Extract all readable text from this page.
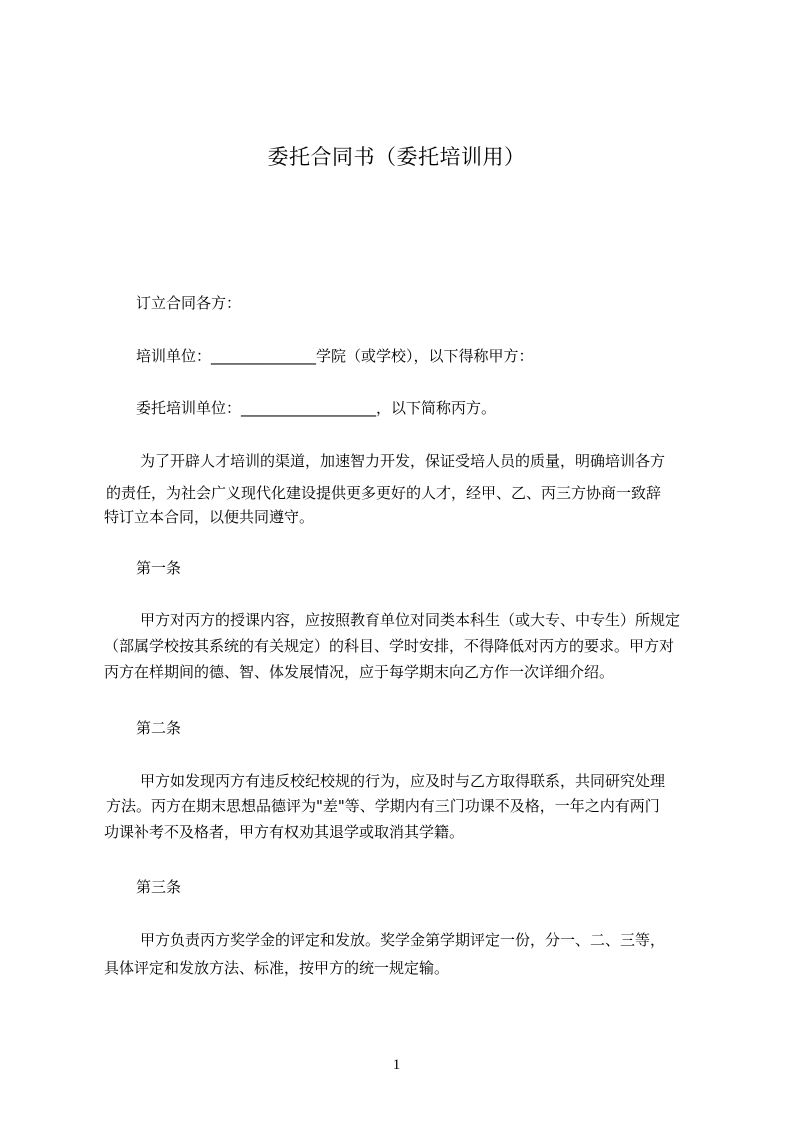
委托合同书（委托培训用）
订立合同各方：
培训单位：______________学院（或学校），以下得称甲方：
委托培训单位：__________________，以下简称丙方。
为了开辟人才培训的渠道，加速智力开发，保证受培人员的质量，明确培训各方
的责任，为社会广义现代化建设提供更多更好的人才，经甲、乙、丙三方协商一致辞
特订立本合同，以便共同遵守。
第一条
甲方对丙方的授课内容，应按照教育单位对同类本科生（或大专、中专生）所规定
（部属学校按其系统的有关规定）的科目、学时安排，不得降低对丙方的要求。甲方对
丙方在样期间的德、智、体发展情况，应于每学期末向乙方作一次详细介绍。
第二条
甲方如发现丙方有违反校纪校规的行为，应及时与乙方取得联系，共同研究处理
方法。丙方在期末思想品德评为"差"等、学期内有三门功课不及格，一年之内有两门
功课补考不及格者，甲方有权劝其退学或取消其学籍。
第三条
甲方负责丙方奖学金的评定和发放。奖学金第学期评定一份，分一、二、三等，
具体评定和发放方法、标准，按甲方的统一规定输。
1
